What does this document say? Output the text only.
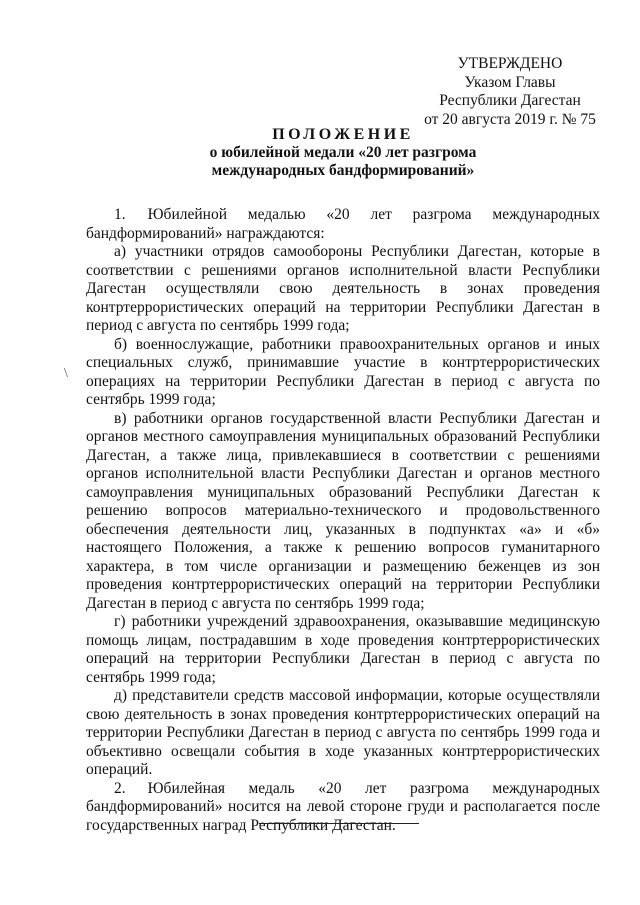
УТВЕРЖДЕНО
Указом Главы
Республики Дагестан
от 20 августа 2019 г. № 75
ПОЛОЖЕНИЕ
о юбилейной медали «20 лет разгрома
международных бандформирований»
\

1. Юбилейной медалью «20 лет разгрома международных бандформирований» награждаются:

а) участники отрядов самообороны Республики Дагестан, которые в соответствии с решениями органов исполнительной власти Республики Дагестан осуществляли свою деятельность в зонах проведения контртеррористических операций на территории Республики Дагестан в период с августа по сентябрь 1999 года;

б) военнослужащие, работники правоохранительных органов и иных специальных служб, принимавшие участие в контртеррористических операциях на территории Республики Дагестан в период с августа по сентябрь 1999 года;

в) работники органов государственной власти Республики Дагестан и органов местного самоуправления муниципальных образований Республики Дагестан, а также лица, привлекавшиеся в соответствии с решениями органов исполнительной власти Республики Дагестан и органов местного самоуправления муниципальных образований Республики Дагестан к решению вопросов материально-технического и продовольственного обеспечения деятельности лиц, указанных в подпунктах «а» и «б» настоящего Положения, а также к решению вопросов гуманитарного характера, в том числе организации и размещению беженцев из зон проведения контртеррористических операций на территории Республики Дагестан в период с августа по сентябрь 1999 года;

г) работники учреждений здравоохранения, оказывавшие медицинскую помощь лицам, пострадавшим в ходе проведения контртеррористических операций на территории Республики Дагестан в период с августа по сентябрь 1999 года;

д) представители средств массовой информации, которые осуществляли свою деятельность в зонах проведения контртеррористических операций на территории Республики Дагестан в период с августа по сентябрь 1999 года и объективно освещали события в ходе указанных контртеррористических операций.

2. Юбилейная медаль «20 лет разгрома международных бандформирований» носится на левой стороне груди и располагается после государственных наград Республики Дагестан.
